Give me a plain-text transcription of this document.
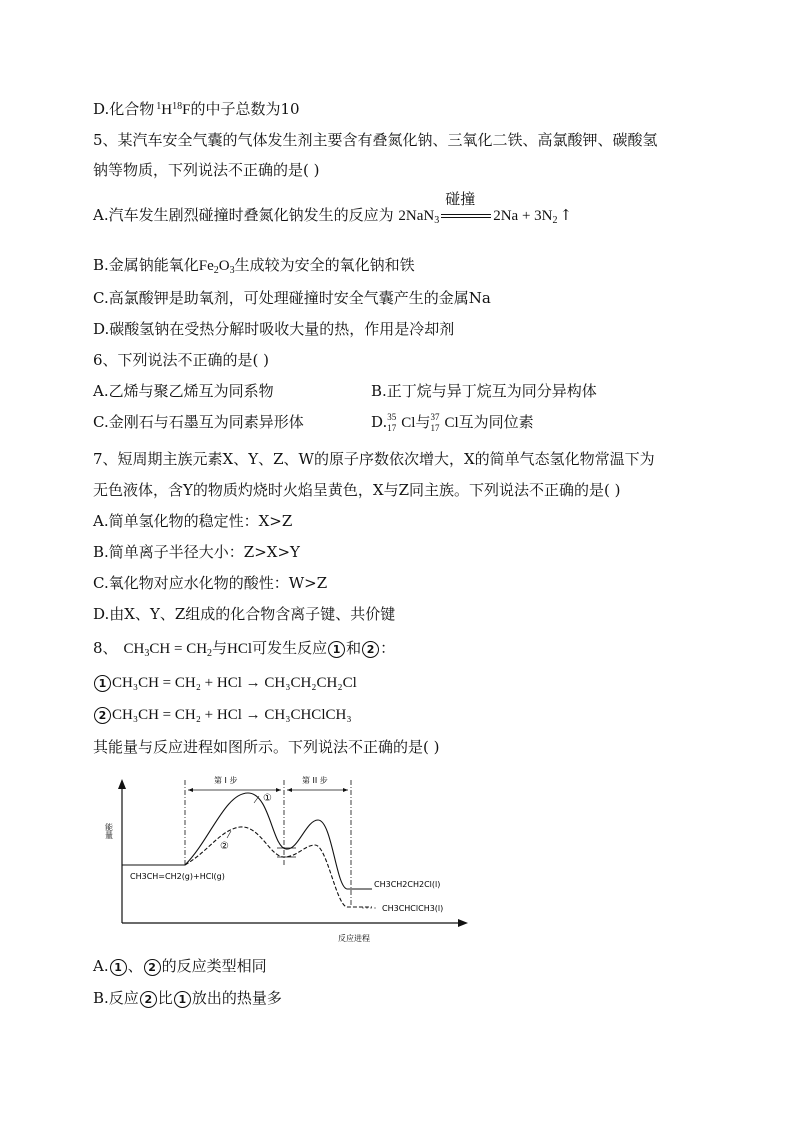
D.化合物 $^1H^{18}F$的中子总数为10
5、某汽车安全气囊的气体发生剂主要含有叠氮化钠、三氧化二铁、高氯酸钾、碳酸氢
钠等物质，下列说法不正确的是( )
A.汽车发生剧烈碰撞时叠氮化钠发生的反应为 2NaN$_3$
碰撞
$2Na + 3N_2$ ↑
B.金属钠能氧化$Fe_2O_3$生成较为安全的氧化钠和铁
C.高氯酸钾是助氧剂，可处理碰撞时安全气囊产生的金属Na
D.碳酸氢钠在受热分解时吸收大量的热，作用是冷却剂
6、下列说法不正确的是( )
A.乙烯与聚乙烯互为同系物	B.正丁烷与异丁烷互为同分异构体
C.金刚石与石墨互为同素异形体	D. 35
17 Cl与 37
17 Cl互为同位素
7、短周期主族元素X、Y、Z、W的原子序数依次增大，X的简单气态氢化物常温下为
无色液体，含Y的物质灼烧时火焰呈黄色，X与Z同主族。下列说法不正确的是( )
A.简单氢化物的稳定性：X>Z
B.简单离子半径大小：Z>X>Y
C.氧化物对应水化物的酸性：W>Z
D.由X、Y、Z组成的化合物含离子键、共价键
8、 $CH_3CH = CH_2$与HCl可发生反应 1 和 2 ：
1 CH₃CH = CH₂ + HCl → CH₃CH₂CH₂Cl
2 CH₃CH = CH₂ + HCl → CH₃CHClCH₃
其能量与反应进程如图所示。下列说法不正确的是( )
能量
反应进程
第 I 步	第 II 步
CH3CH=CH2(g)+HCl(g)
①
②
CH3CH2CH2Cl(l)
CH3CHClCH3(l)
A. 1 、 2 的反应类型相同
B.反应 2 比 1 放出的热量多
